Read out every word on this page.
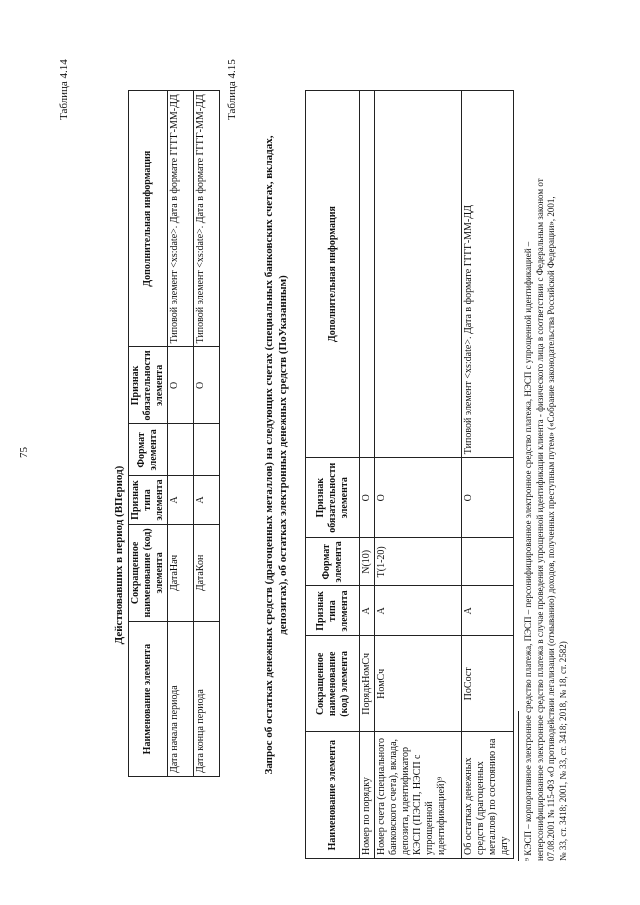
75
Таблица 4.14
Действовавших в период (ВПериод)
Наименование элемента	Сокращенное наименование (код) элемента	Признак типа элемента	Формат элемента	Признак обязательности элемента	Дополнительная информация
Дата начала периода	ДатаНач	А		О	Типовой элемент <xs:date>. Дата в формате ГГГГ-ММ-ДД
Дата конца периода	ДатаКон	А		О	Типовой элемент <xs:date>. Дата в формате ГГГГ-ММ-ДД
Таблица 4.15
Запрос об остатках денежных средств (драгоценных металлов) на следующих счетах (специальных банковских счетах, вкладах, депозитах), об остатках электронных денежных средств (ПоУказанным)
Наименование элемента	Сокращенное наименование (код) элемента	Признак типа элемента	Формат элемента	Признак обязательности элемента	Дополнительная информация
Номер по порядку	ПорядкНомСч	А	N(10)	О	
Номер счета (специального банковского счета), вклада, депозита, идентификатор КЭСП (ПЭСП, НЭСП с упрощенной идентификацией)⁹	НомСч	А	Т(1-20)	О	
Об остатках денежных средств (драгоценных металлов) по состоянию на дату	ПоСост	А		О	Типовой элемент <xs:date>. Дата в формате ГГГГ-ММ-ДД	⁹ КЭСП – корпоративное электронное средство платежа, ПЭСП – персонифицированное электронное средство платежа, НЭСП с упрощенной идентификацией – неперсонифицированное электронное средство платежа в случае проведения упрощенной идентификации клиента - физического лица в соответствии с Федеральным законом от 07.08.2001 № 115-ФЗ «О противодействии легализации (отмыванию) доходов, полученных преступным путем» («Собрание законодательства Российской Федерации», 2001, № 33, ст. 3418; 2001, № 33, ст. 3418; 2018, № 18, ст. 2582)
